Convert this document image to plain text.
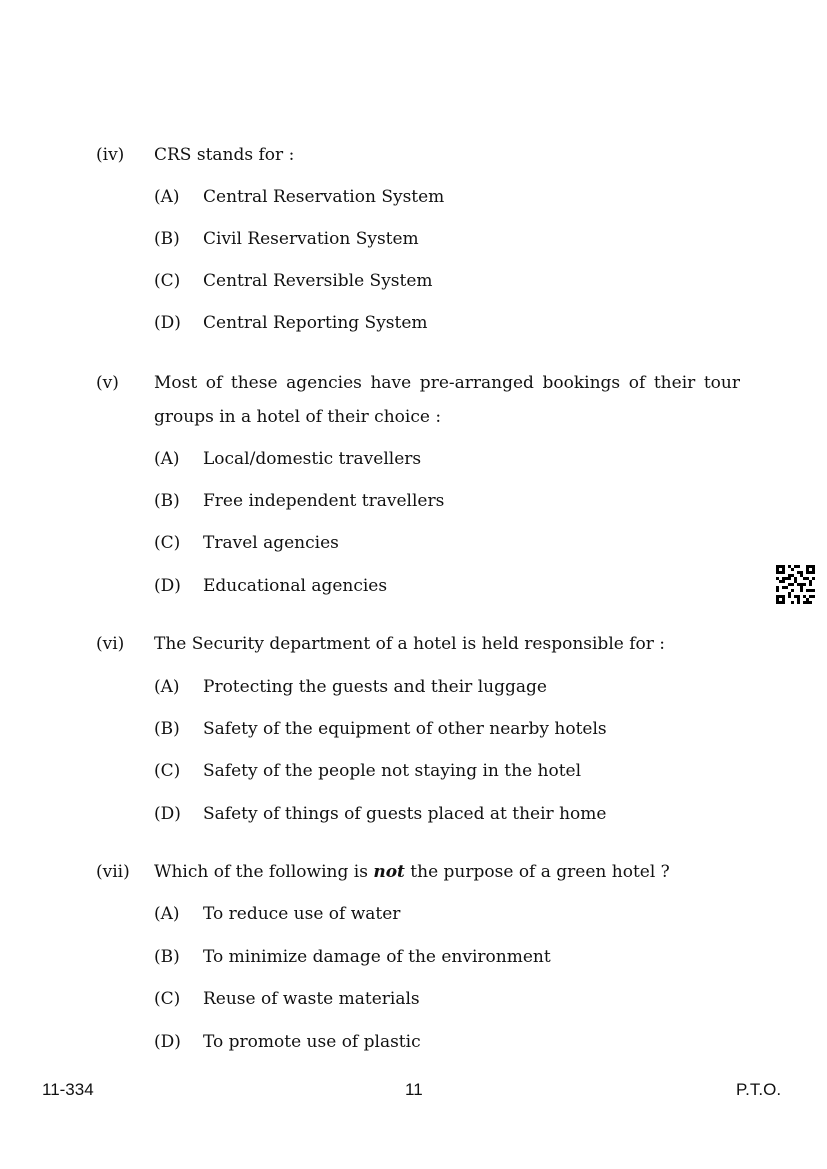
(iv) CRS stands for :
(A) Central Reservation System
(B) Civil Reservation System
(C) Central Reversible System
(D) Central Reporting System
(v) Most of these agencies have pre-arranged bookings of their tour groups in a hotel of their choice :
(A) Local/domestic travellers
(B) Free independent travellers
(C) Travel agencies
(D) Educational agencies
(vi) The Security department of a hotel is held responsible for :
(A) Protecting the guests and their luggage
(B) Safety of the equipment of other nearby hotels
(C) Safety of the people not staying in the hotel
(D) Safety of things of guests placed at their home
(vii) Which of the following is not the purpose of a green hotel ?
(A) To reduce use of water
(B) To minimize damage of the environment
(C) Reuse of waste materials
(D) To promote use of plastic
11-334	11	P.T.O.
